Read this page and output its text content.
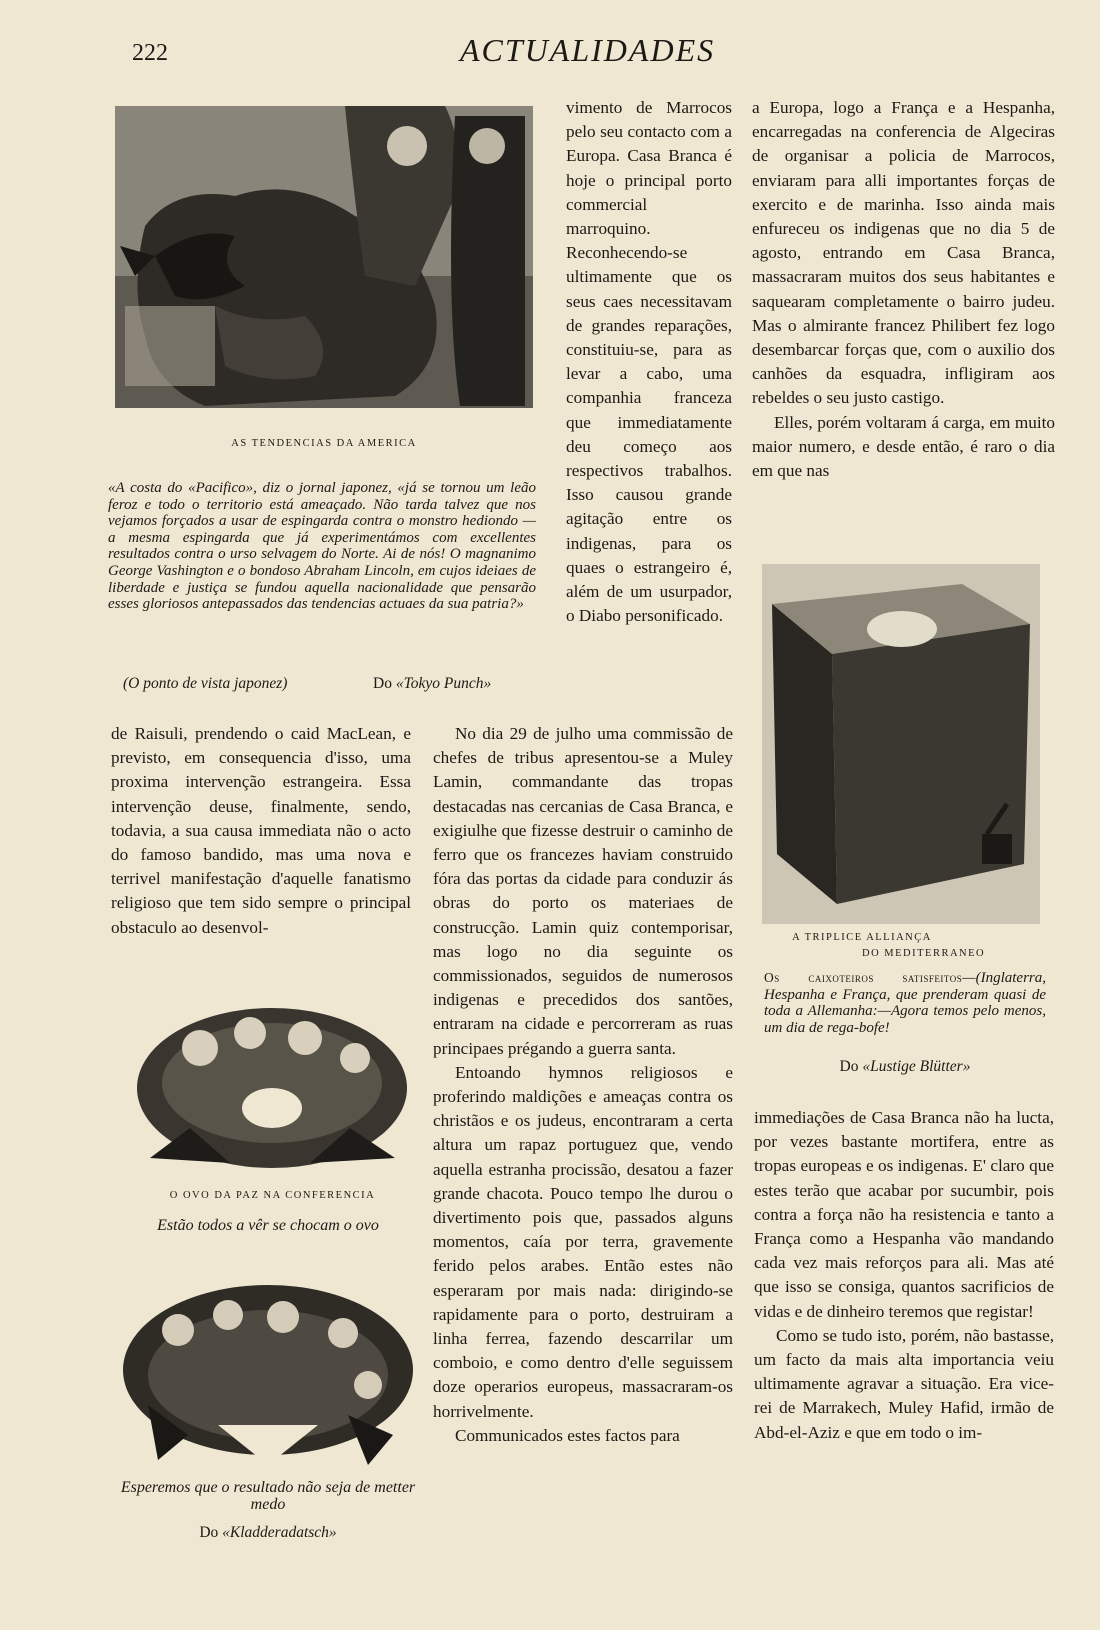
222	ACTUALIDADES
AS TENDENCIAS DA AMERICA
«A costa do «Pacifico», diz o jornal japonez, «já se tornou um leão feroz e todo o territorio está ameaçado. Não tarda talvez que nos vejamos forçados a usar de espingarda contra o monstro hediondo — a mesma espingarda que já experimentámos com excellentes resultados contra o urso selvagem do Norte. Ai de nós! O magnanimo George Vashington e o bondoso Abraham Lincoln, em cujos ideiaes de liberdade e justiça se fundou aquella nacionalidade que pensarão esses gloriosos antepassados das tendencias actuaes da sua patria?»
(O ponto de vista japonez)	Do «Tokyo Punch»

de Raisuli, prendendo o caid MacLean, e previsto, em consequencia d'isso, uma proxima intervenção estrangeira. Essa intervenção deuse, finalmente, sendo, todavia, a sua causa immediata não o acto do famoso bandido, mas uma nova e terrivel manifestação d'aquelle fanatismo religioso que tem sido sempre o principal obstaculo ao desenvol-

O OVO DA PAZ NA CONFERENCIA
Estão todos a vêr se chocam o ovo
Esperemos que o resultado não seja de metter medo
Do «Kladderadatsch»

vimento de Marrocos pelo seu contacto com a Europa. Casa Branca é hoje o principal porto commercial marroquino. Reconhecendo-se ultimamente que os seus caes necessitavam de grandes reparações, constituiu-se, para as levar a cabo, uma companhia franceza que immediatamente deu começo aos respectivos trabalhos. Isso causou grande agitação entre os indigenas, para os quaes o estrangeiro é, além de um usurpador, o Diabo personificado.

No dia 29 de julho uma commissão de chefes de tribus apresentou-se a Muley Lamin, commandante das tropas destacadas nas cercanias de Casa Branca, e exigiulhe que fizesse destruir o caminho de ferro que os francezes haviam construido fóra das portas da cidade para conduzir ás obras do porto os materiaes de construcção. Lamin quiz contemporisar, mas logo no dia seguinte os commissionados, seguidos de numerosos indigenas e precedidos dos santões, entraram na cidade e percorreram as ruas principaes prégando a guerra santa.

Entoando hymnos religiosos e proferindo maldições e ameaças contra os christãos e os judeus, encontraram a certa altura um rapaz portuguez que, vendo aquella estranha procissão, desatou a fazer grande chacota. Pouco tempo lhe durou o divertimento pois que, passados alguns momentos, caía por terra, gravemente ferido pelos arabes. Então estes não esperaram por mais nada: dirigindo-se rapidamente para o porto, destruiram a linha ferrea, fazendo descarrilar um comboio, e como dentro d'elle seguissem doze operarios europeus, massacraram-os horrivelmente.

Communicados estes factos para

a Europa, logo a França e a Hespanha, encarregadas na conferencia de Algeciras de organisar a policia de Marrocos, enviaram para alli importantes forças de exercito e de marinha. Isso ainda mais enfureceu os indigenas que no dia 5 de agosto, entrando em Casa Branca, massacraram muitos dos seus habitantes e saquearam completamente o bairro judeu. Mas o almirante francez Philibert fez logo desembarcar forças que, com o auxilio dos canhões da esquadra, infligiram aos rebeldes o seu justo castigo.

Elles, porém voltaram á carga, em muito maior numero, e desde então, é raro o dia em que nas

A TRIPLICE ALLIANÇA
DO MEDITERRANEO
Os caixoteiros satisfeitos—(Inglaterra, Hespanha e França, que prenderam quasi de toda a Allemanha:—Agora temos pelo menos, um dia de rega-bofe!
Do «Lustige Blütter»

immediações de Casa Branca não ha lucta, por vezes bastante mortifera, entre as tropas europeas e os indigenas. E' claro que estes terão que acabar por sucumbir, pois contra a força não ha resistencia e tanto a França como a Hespanha vão mandando cada vez mais reforços para ali. Mas até que isso se consiga, quantos sacrificios de vidas e de dinheiro teremos que registar!

Como se tudo isto, porém, não bastasse, um facto da mais alta importancia veiu ultimamente agravar a situação. Era vice-rei de Marrakech, Muley Hafid, irmão de Abd-el-Aziz e que em todo o im-
